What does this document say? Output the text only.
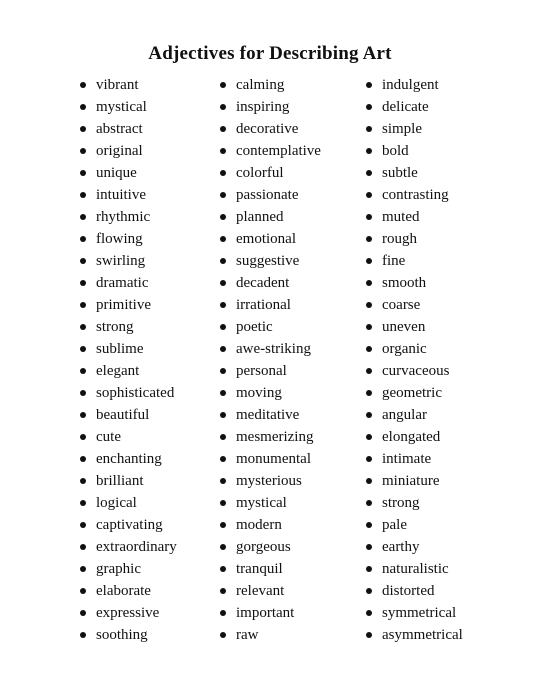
Adjectives for Describing Art
vibrant
mystical
abstract
original
unique
intuitive
rhythmic
flowing
swirling
dramatic
primitive
strong
sublime
elegant
sophisticated
beautiful
cute
enchanting
brilliant
logical
captivating
extraordinary
graphic
elaborate
expressive
soothing
calming
inspiring
decorative
contemplative
colorful
passionate
planned
emotional
suggestive
decadent
irrational
poetic
awe-striking
personal
moving
meditative
mesmerizing
monumental
mysterious
mystical
modern
gorgeous
tranquil
relevant
important
raw
indulgent
delicate
simple
bold
subtle
contrasting
muted
rough
fine
smooth
coarse
uneven
organic
curvaceous
geometric
angular
elongated
intimate
miniature
strong
pale
earthy
naturalistic
distorted
symmetrical
asymmetrical
